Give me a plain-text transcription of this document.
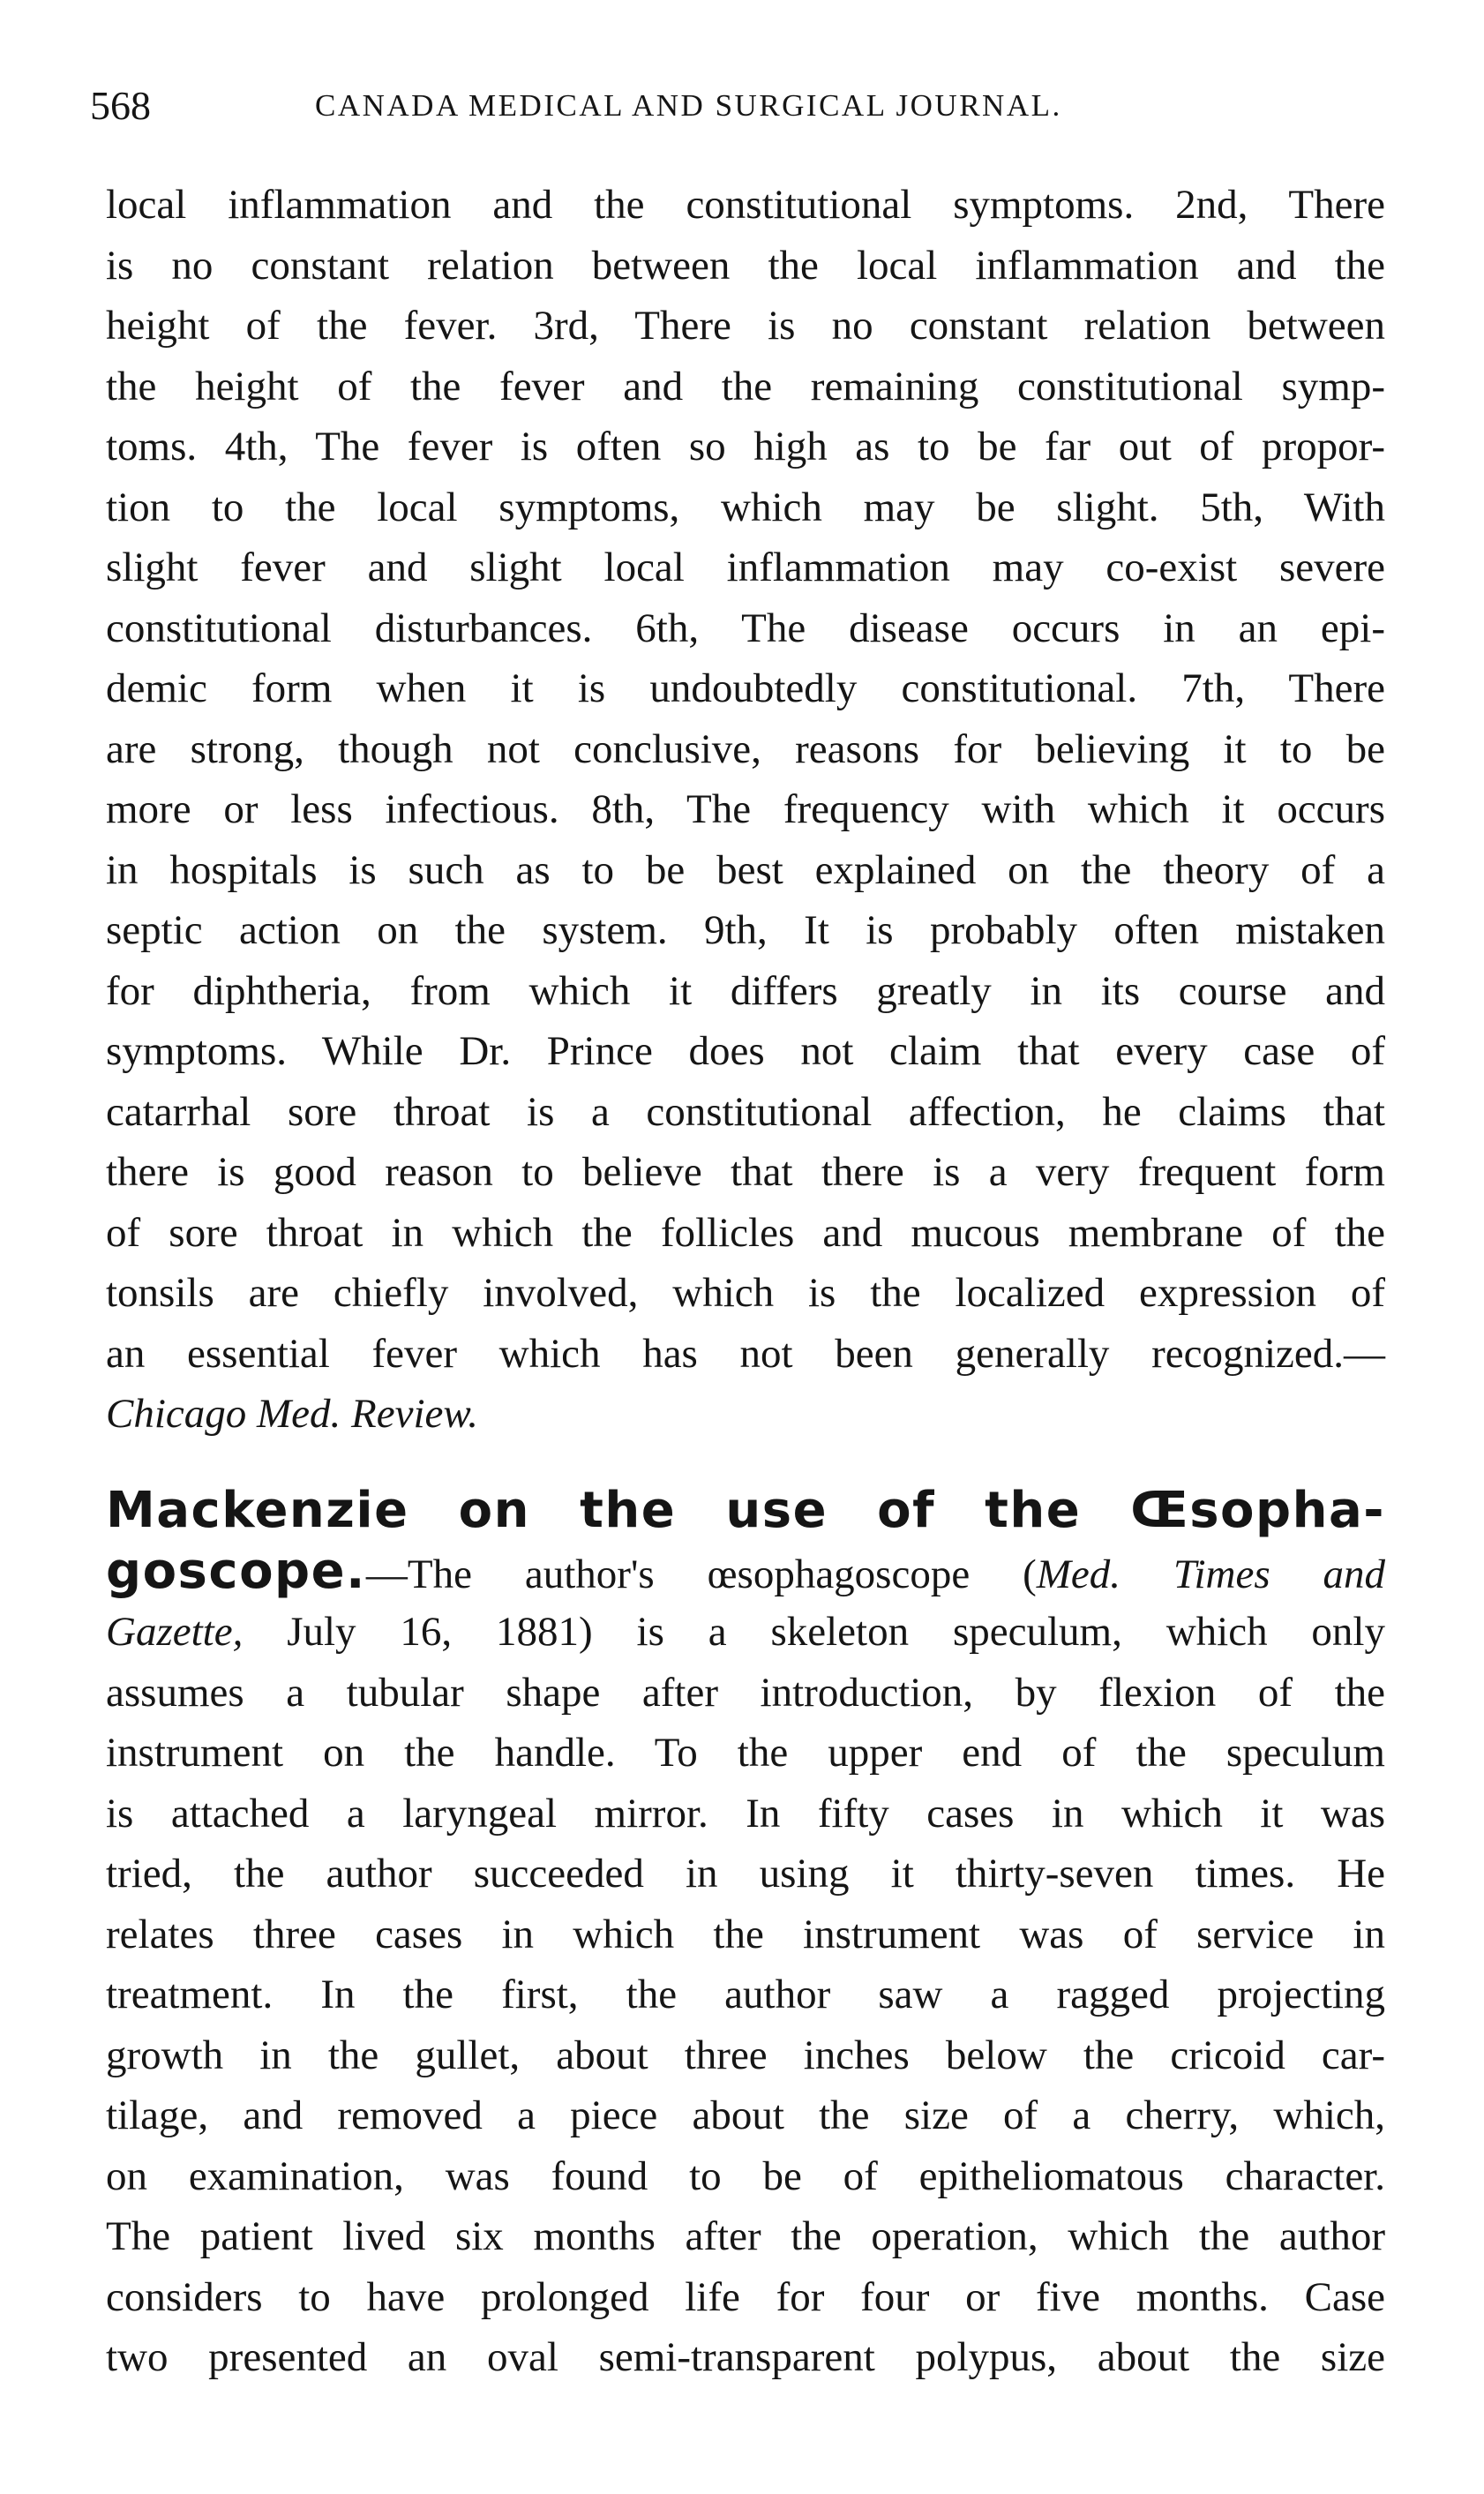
568	CANADA MEDICAL AND SURGICAL JOURNAL.
local inflammation and the constitutional symptoms. 2nd, There
is no constant relation between the local inflammation and the
height of the fever. 3rd, There is no constant relation between
the height of the fever and the remaining constitutional symp-
toms. 4th, The fever is often so high as to be far out of propor-
tion to the local symptoms, which may be slight. 5th, With
slight fever and slight local inflammation may co-exist severe
constitutional disturbances. 6th, The disease occurs in an epi-
demic form when it is undoubtedly constitutional. 7th, There
are strong, though not conclusive, reasons for believing it to be
more or less infectious. 8th, The frequency with which it occurs
in hospitals is such as to be best explained on the theory of a
septic action on the system. 9th, It is probably often mistaken
for diphtheria, from which it differs greatly in its course and
symptoms. While Dr. Prince does not claim that every case of
catarrhal sore throat is a constitutional affection, he claims that
there is good reason to believe that there is a very frequent form
of sore throat in which the follicles and mucous membrane of the
tonsils are chiefly involved, which is the localized expression of
an essential fever which has not been generally recognized.—
Chicago Med. Review.
Mackenzie on the use of the Œsopha-
goscope.—The author's œsophagoscope (Med. Times and
Gazette, July 16, 1881) is a skeleton speculum, which only
assumes a tubular shape after introduction, by flexion of the
instrument on the handle. To the upper end of the speculum
is attached a laryngeal mirror. In fifty cases in which it was
tried, the author succeeded in using it thirty-seven times. He
relates three cases in which the instrument was of service in
treatment. In the first, the author saw a ragged projecting
growth in the gullet, about three inches below the cricoid car-
tilage, and removed a piece about the size of a cherry, which,
on examination, was found to be of epitheliomatous character.
The patient lived six months after the operation, which the author
considers to have prolonged life for four or five months. Case
two presented an oval semi-transparent polypus, about the size
